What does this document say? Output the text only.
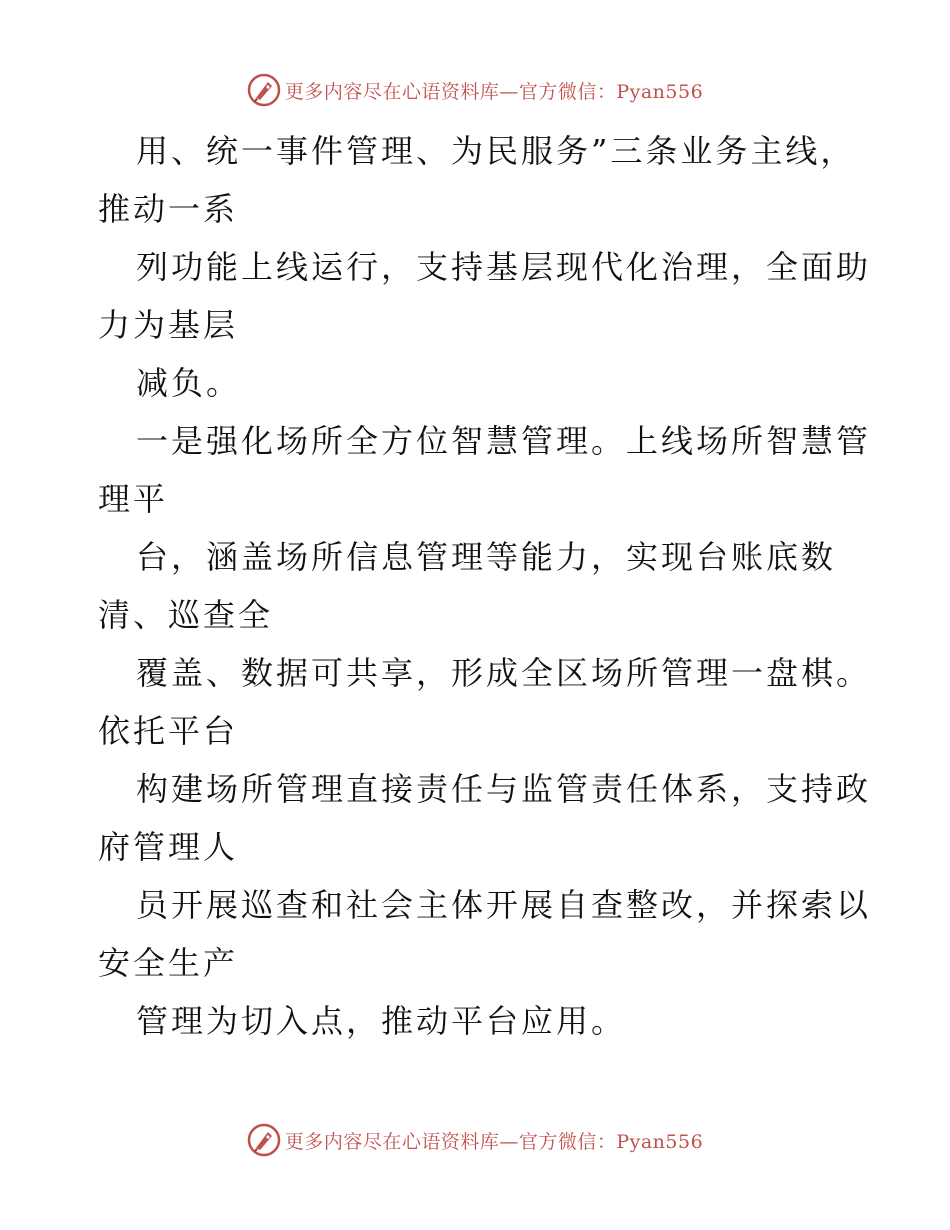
更多内容尽在心语资料库—官方微信：Pyan556
用、统一事件管理、为民服务”三条业务主线，
推动一系
列功能上线运行，支持基层现代化治理，全面助
力为基层
减负。
一是强化场所全方位智慧管理。上线场所智慧管
理平
台，涵盖场所信息管理等能力，实现台账底数
清、巡查全
覆盖、数据可共享，形成全区场所管理一盘棋。
依托平台
构建场所管理直接责任与监管责任体系，支持政
府管理人
员开展巡查和社会主体开展自查整改，并探索以
安全生产
管理为切入点，推动平台应用。
更多内容尽在心语资料库—官方微信：Pyan556
